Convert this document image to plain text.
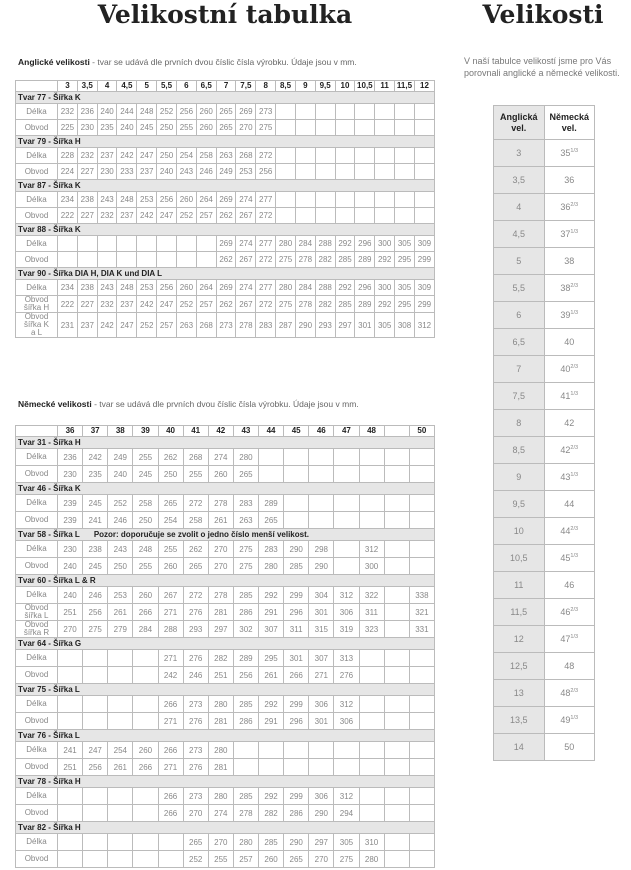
Velikostní tabulka	Velikosti
Anglické velikosti - tvar se udává dle prvních dvou číslic čísla výrobku. Údaje jsou v mm.
	3	3,5	4	4,5	5	5,5	6	6,5	7	7,5	8	8,5	9	9,5	10	10,5	11	11,5	12
Tvar 77 - Šířka K																			
Délka	232	236	240	244	248	252	256	260	265	269	273								
Obvod	225	230	235	240	245	250	255	260	265	270	275								
Tvar 79 - Šířka H																			
Délka	228	232	237	242	247	250	254	258	263	268	272								
Obvod	224	227	230	233	237	240	243	246	249	253	256								
Tvar 87 - Šířka K																			
Délka	234	238	243	248	253	256	260	264	269	274	277								
Obvod	222	227	232	237	242	247	252	257	262	267	272								
Tvar 88 - Šířka K																			
Délka									269	274	277	280	284	288	292	296	300	305	309
Obvod									262	267	272	275	278	282	285	289	292	295	299
Tvar 90 - Šířka DIA H, DIA K und DIA L																			
Délka	234	238	243	248	253	256	260	264	269	274	277	280	284	288	292	296	300	305	309
Obvod
šířka H	222	227	232	237	242	247	252	257	262	267	272	275	278	282	285	289	292	295	299
Obvod
šířka K
a L	231	237	242	247	252	257	263	268	273	278	283	287	290	293	297	301	305	308	312
Německé velikosti - tvar se udává dle prvních dvou číslic čísla výrobku. Údaje jsou v mm.
	36	37	38	39	40	41	42	43	44	45	46	47	48		50
Tvar 31 - Šířka H															
Délka	236	242	249	255	262	268	274	280							
Obvod	230	235	240	245	250	255	260	265							
Tvar 46 - Šířka K															
Délka	239	245	252	258	265	272	278	283	289						
Obvod	239	241	246	250	254	258	261	263	265						
Tvar 58 - Šířka L Pozor: doporučuje se zvolit o jedno číslo menší velikost.															
Délka	230	238	243	248	255	262	270	275	283	290	298		312		
Obvod	240	245	250	255	260	265	270	275	280	285	290		300		
Tvar 60 - Šířka L & R															
Délka	240	246	253	260	267	272	278	285	292	299	304	312	322		338
Obvod
šířka L	251	256	261	266	271	276	281	286	291	296	301	306	311		321
Obvod
šířka R	270	275	279	284	288	293	297	302	307	311	315	319	323		331
Tvar 64 - Šířka G															
Délka					271	276	282	289	295	301	307	313			
Obvod					242	246	251	256	261	266	271	276			
Tvar 75 - Šířka L															
Délka					266	273	280	285	292	299	306	312			
Obvod					271	276	281	286	291	296	301	306			
Tvar 76 - Šířka L															
Délka	241	247	254	260	266	273	280								
Obvod	251	256	261	266	271	276	281								
Tvar 78 - Šířka H															
Délka					266	273	280	285	292	299	306	312			
Obvod					266	270	274	278	282	286	290	294			
Tvar 82 - Šířka H															
Délka						265	270	280	285	290	297	305	310		
Obvod						252	255	257	260	265	270	275	280		
V naší tabulce velikostí jsme pro Vás porovnali anglické a německé velikosti.
Anglická vel.	Německá vel.
3	$35^{1/3}$
3,5	36
4	$36^{2/3}$
4,5	$37^{1/3}$
5	38
5,5	$38^{2/3}$
6	$39^{1/3}$
6,5	40
7	$40^{2/3}$
7,5	$41^{1/3}$
8	42
8,5	$42^{2/3}$
9	$43^{1/3}$
9,5	44
10	$44^{2/3}$
10,5	$45^{1/3}$
11	46
11,5	$46^{2/3}$
12	$47^{1/3}$
12,5	48
13	$48^{2/3}$
13,5	$49^{1/3}$
14	50
